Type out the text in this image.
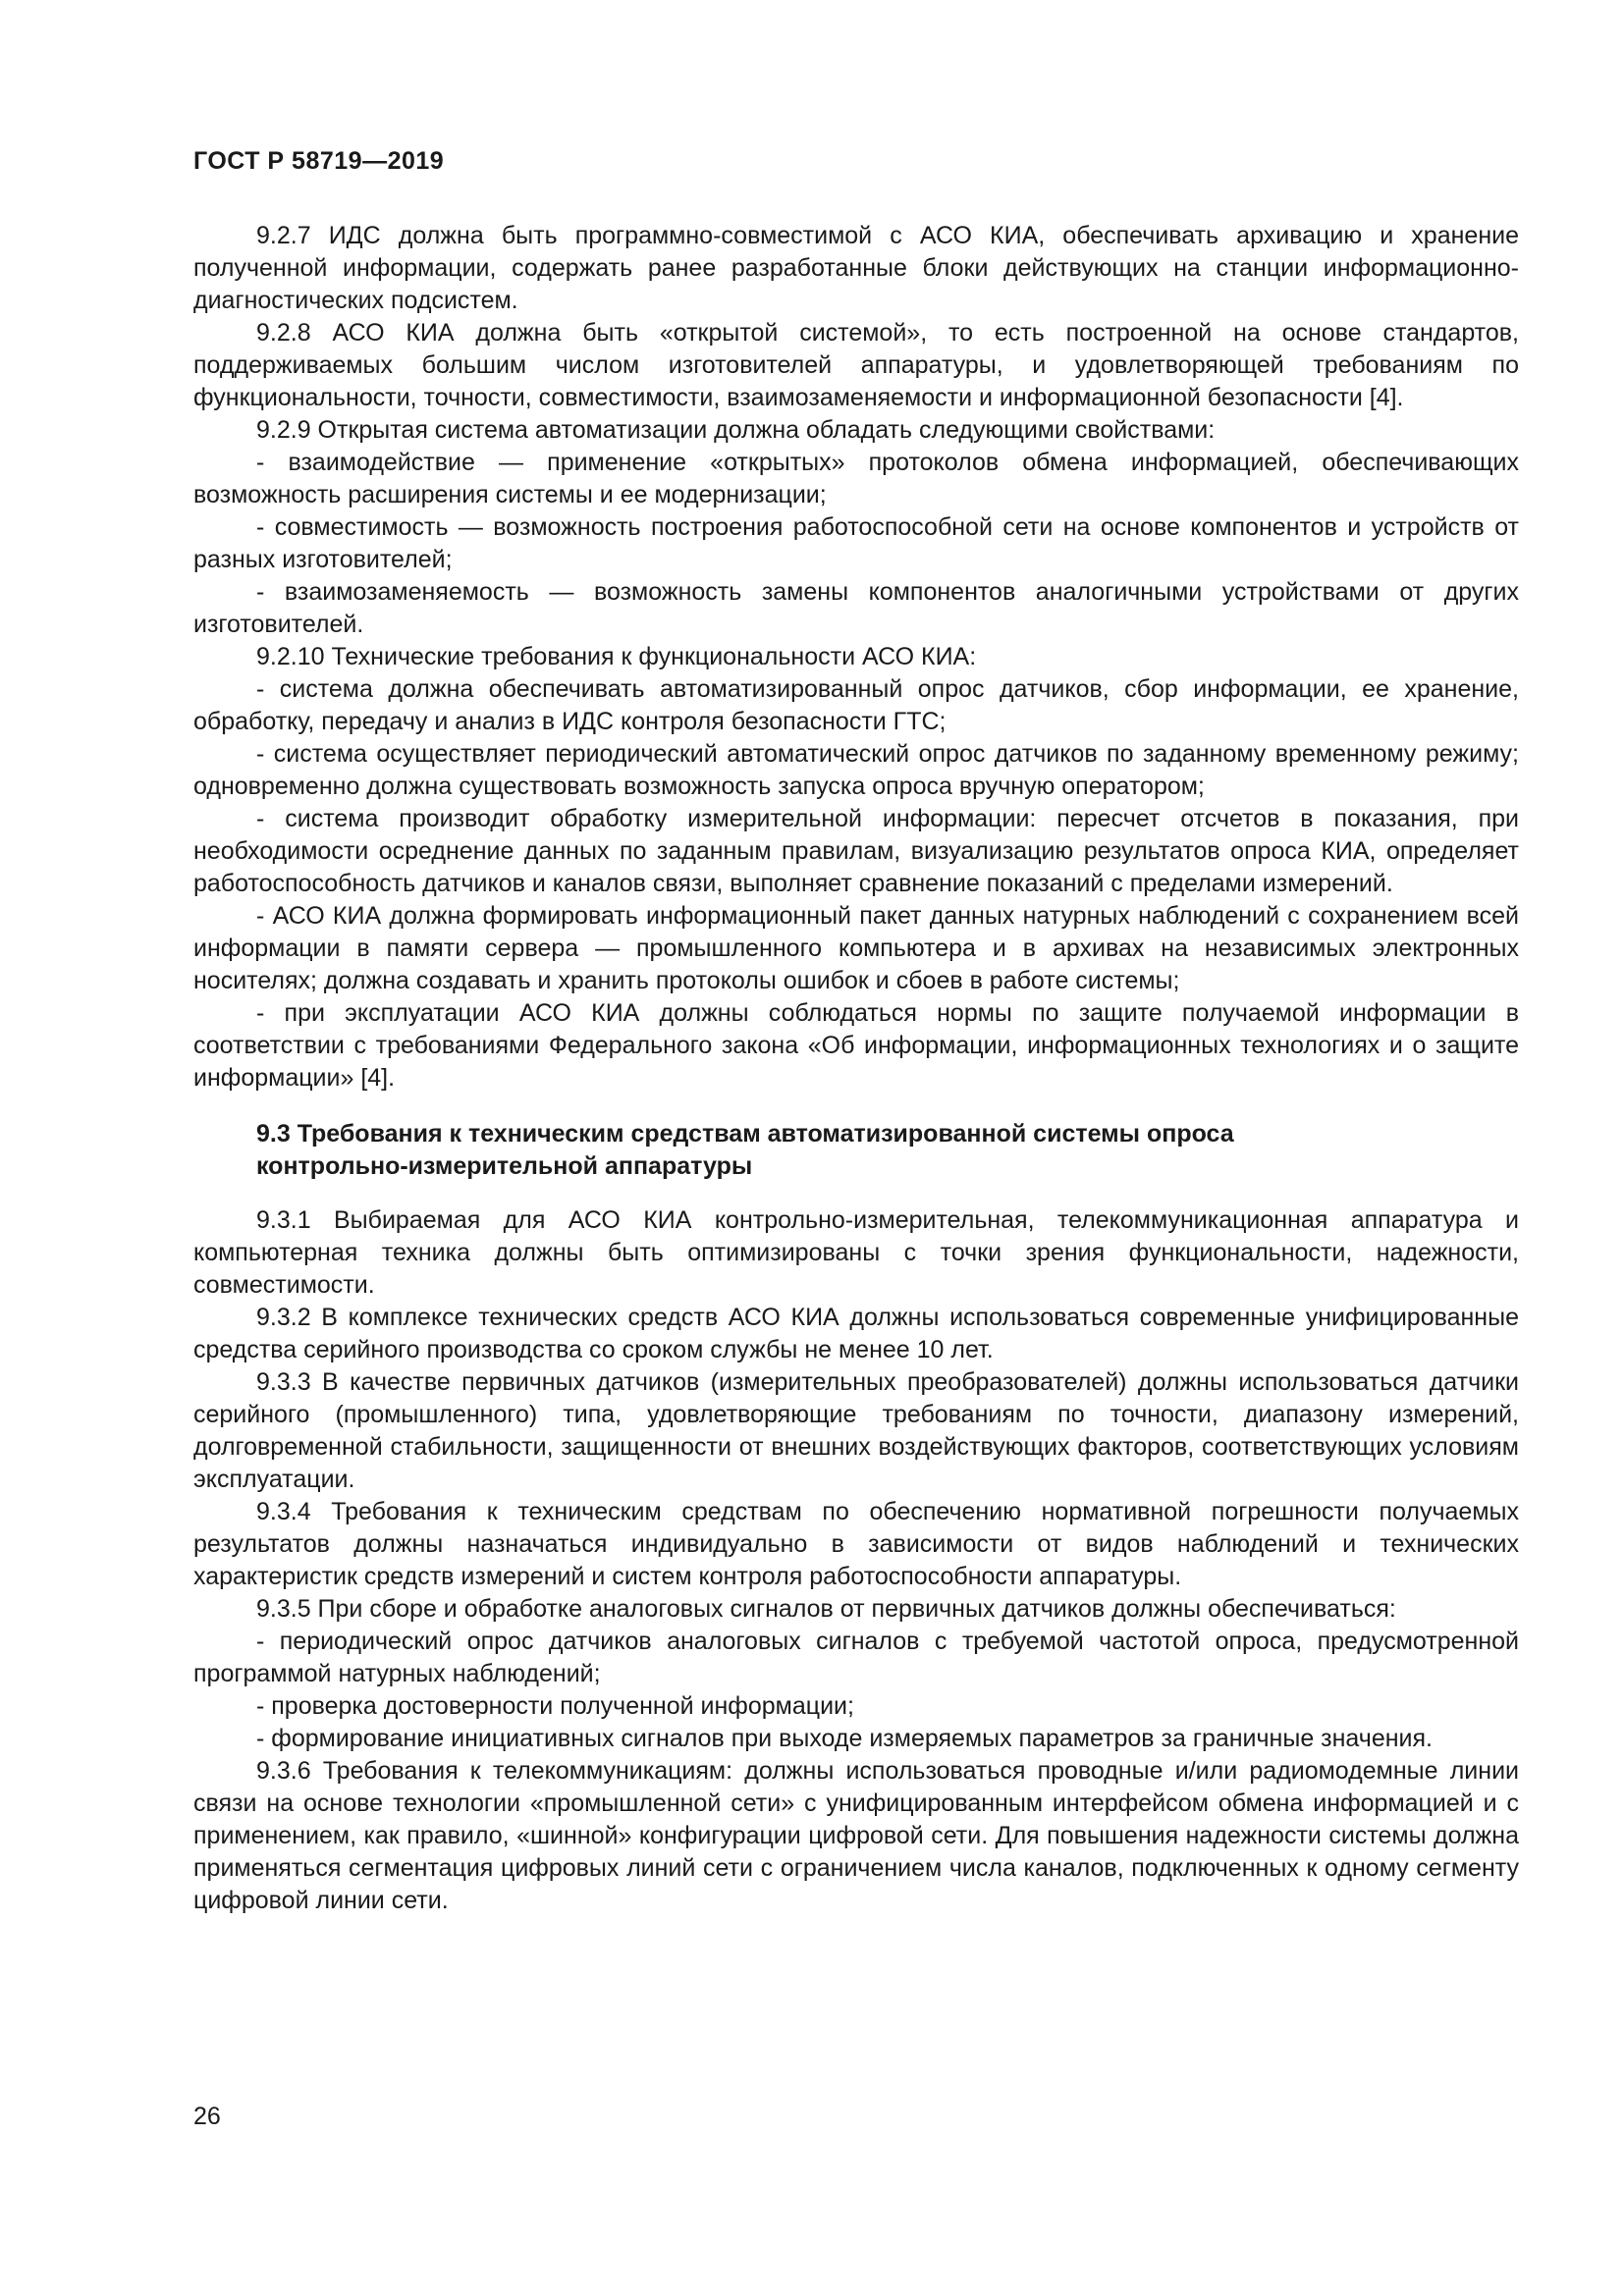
ГОСТ Р 58719—2019

9.2.7 ИДС должна быть программно-совместимой с АСО КИА, обеспечивать архивацию и хранение полученной информации, содержать ранее разработанные блоки действующих на станции информационно-диагностических подсистем.

9.2.8 АСО КИА должна быть «открытой системой», то есть построенной на основе стандартов, поддерживаемых большим числом изготовителей аппаратуры, и удовлетворяющей требованиям по функциональности, точности, совместимости, взаимозаменяемости и информационной безопасности [4].

9.2.9 Открытая система автоматизации должна обладать следующими свойствами:

- взаимодействие — применение «открытых» протоколов обмена информацией, обеспечивающих возможность расширения системы и ее модернизации;

- совместимость — возможность построения работоспособной сети на основе компонентов и устройств от разных изготовителей;

- взаимозаменяемость — возможность замены компонентов аналогичными устройствами от других изготовителей.

9.2.10 Технические требования к функциональности АСО КИА:

- система должна обеспечивать автоматизированный опрос датчиков, сбор информации, ее хранение, обработку, передачу и анализ в ИДС контроля безопасности ГТС;

- система осуществляет периодический автоматический опрос датчиков по заданному временному режиму; одновременно должна существовать возможность запуска опроса вручную оператором;

- система производит обработку измерительной информации: пересчет отсчетов в показания, при необходимости осреднение данных по заданным правилам, визуализацию результатов опроса КИА, определяет работоспособность датчиков и каналов связи, выполняет сравнение показаний с пределами измерений.

- АСО КИА должна формировать информационный пакет данных натурных наблюдений с сохранением всей информации в памяти сервера — промышленного компьютера и в архивах на независимых электронных носителях; должна создавать и хранить протоколы ошибок и сбоев в работе системы;

- при эксплуатации АСО КИА должны соблюдаться нормы по защите получаемой информации в соответствии с требованиями Федерального закона «Об информации, информационных технологиях и о защите информации» [4].

9.3 Требования к техническим средствам автоматизированной системы опроса
контрольно-измерительной аппаратуры

9.3.1 Выбираемая для АСО КИА контрольно-измерительная, телекоммуникационная аппаратура и компьютерная техника должны быть оптимизированы с точки зрения функциональности, надежности, совместимости.

9.3.2 В комплексе технических средств АСО КИА должны использоваться современные унифицированные средства серийного производства со сроком службы не менее 10 лет.

9.3.3 В качестве первичных датчиков (измерительных преобразователей) должны использоваться датчики серийного (промышленного) типа, удовлетворяющие требованиям по точности, диапазону измерений, долговременной стабильности, защищенности от внешних воздействующих факторов, соответствующих условиям эксплуатации.

9.3.4 Требования к техническим средствам по обеспечению нормативной погрешности получаемых результатов должны назначаться индивидуально в зависимости от видов наблюдений и технических характеристик средств измерений и систем контроля работоспособности аппаратуры.

9.3.5 При сборе и обработке аналоговых сигналов от первичных датчиков должны обеспечиваться:

- периодический опрос датчиков аналоговых сигналов с требуемой частотой опроса, предусмотренной программой натурных наблюдений;

- проверка достоверности полученной информации;

- формирование инициативных сигналов при выходе измеряемых параметров за граничные значения.

9.3.6 Требования к телекоммуникациям: должны использоваться проводные и/или радиомодемные линии связи на основе технологии «промышленной сети» с унифицированным интерфейсом обмена информацией и с применением, как правило, «шинной» конфигурации цифровой сети. Для повышения надежности системы должна применяться сегментация цифровых линий сети с ограничением числа каналов, подключенных к одному сегменту цифровой линии сети.

26
